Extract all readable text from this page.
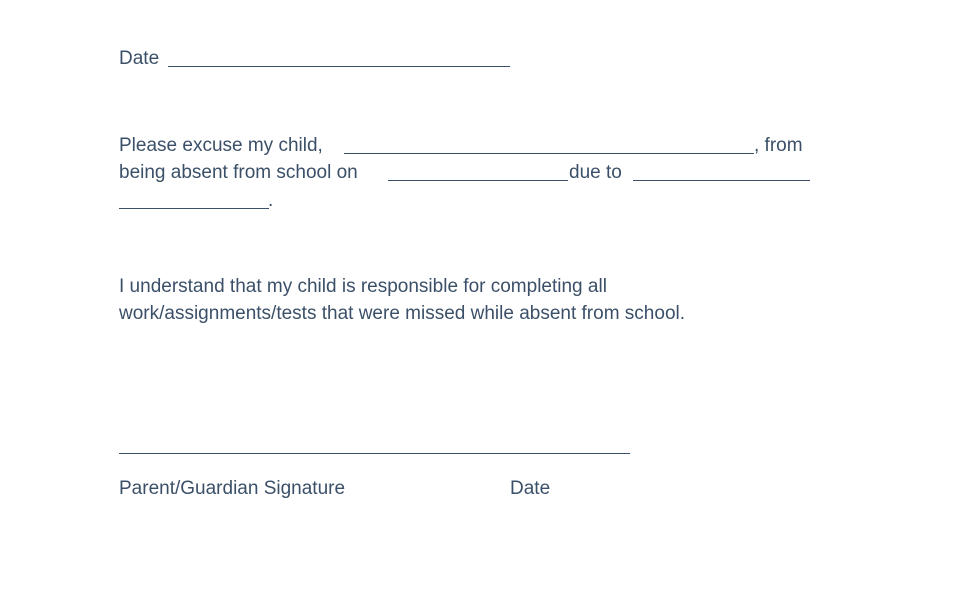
Date
Please excuse my child,	, from
being absent from school on	due to
.
I understand that my child is responsible for completing all
work/assignments/tests that were missed while absent from school.
Parent/Guardian Signature	Date
